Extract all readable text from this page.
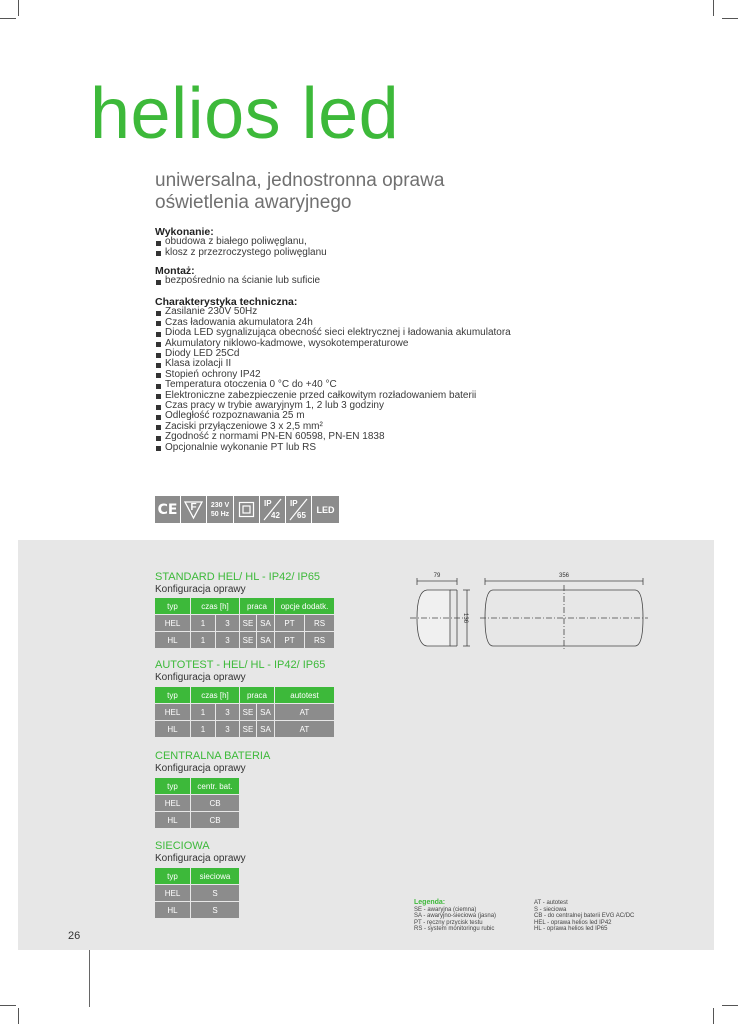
helios led
uniwersalna, jednostronna oprawa
oświetlenia awaryjnego
Wykonanie:
obudowa z białego poliwęglanu,
klosz z przezroczystego poliwęglanu
Montaż:
bezpośrednio na ścianie lub suficie
Charakterystyka techniczna:
Zasilanie 230V 50Hz
Czas ładowania akumulatora 24h
Dioda LED sygnalizująca obecność sieci elektrycznej i ładowania akumulatora
Akumulatory niklowo-kadmowe, wysokotemperaturowe
Diody LED 25Cd
Klasa izolacji II
Stopień ochrony IP42
Temperatura otoczenia 0 °C do +40 °C
Elektroniczne zabezpieczenie przed całkowitym rozładowaniem baterii
Czas pracy w trybie awaryjnym 1, 2 lub 3 godziny
Odległość rozpoznawania 25 m
Zaciski przyłączeniowe 3 x 2,5 mm²
Zgodność z normami PN-EN 60598, PN-EN 1838
Opcjonalnie wykonanie PT lub RS
CE F 230 V
50 Hz
IP
42
IP
65
LED
STANDARD HEL/ HL - IP42/ IP65
Konfiguracja oprawy
typ	czas [h]	praca	opcje dodatk.
HEL	1	3	SE SA	PT	RS
HL	1	3	SE SA	PT	RS
AUTOTEST - HEL/ HL - IP42/ IP65
Konfiguracja oprawy
typ	czas [h]	praca	autotest
HEL	1	3	SE SA	AT
HL	1	3	SE SA	AT
CENTRALNA BATERIA
Konfiguracja oprawy
typ	centr. bat.
HEL	CB
HL	CB
SIECIOWA
Konfiguracja oprawy
typ	sieciowa
HEL	S
HL	S
79	356
136
Legenda:
SE - awaryjna (ciemna)
SA - awaryjno-sieciowa (jasna)
PT - ręczny przycisk testu
RS - system monitoringu rubic
AT - autotest
S - sieciowa
CB - do centralnej baterii EVG AC/DC
HEL - oprawa helios led IP42
HL - oprawa helios led IP65
26
